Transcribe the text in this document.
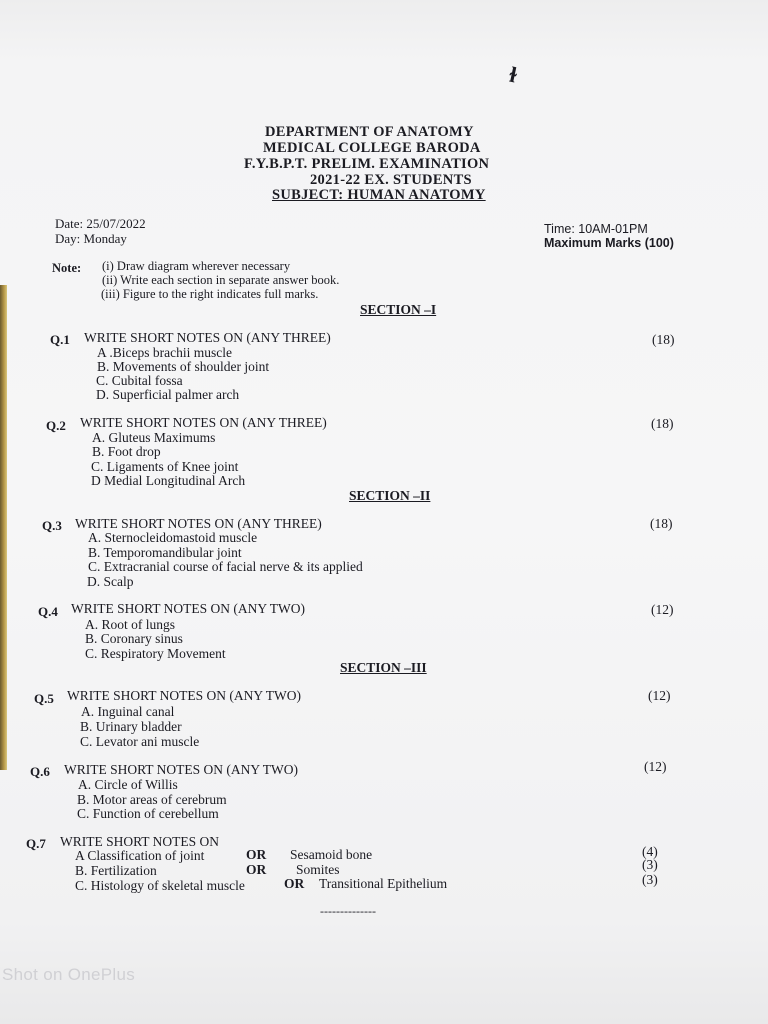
ɫ
DEPARTMENT OF ANATOMY
MEDICAL COLLEGE BARODA
F.Y.B.P.T. PRELIM. EXAMINATION
2021-22 EX. STUDENTS
SUBJECT: HUMAN ANATOMY
Date: 25/07/2022
Day: Monday
Time: 10AM-01PM
Maximum Marks (100)
Note: (i) Draw diagram wherever necessary
(ii) Write each section in separate answer book.
(iii) Figure to the right indicates full marks.
SECTION –I
Q.1 WRITE SHORT NOTES ON (ANY THREE)	(18)
A .Biceps brachii muscle
B. Movements of shoulder joint
C. Cubital fossa
D. Superficial palmer arch
Q.2 WRITE SHORT NOTES ON (ANY THREE)	(18)
A. Gluteus Maximums
B. Foot drop
C. Ligaments of Knee joint
D Medial Longitudinal Arch
SECTION –II
Q.3 WRITE SHORT NOTES ON (ANY THREE)	(18)
A. Sternocleidomastoid muscle
B. Temporomandibular joint
C. Extracranial course of facial nerve & its applied
D. Scalp
Q.4 WRITE SHORT NOTES ON (ANY TWO)	(12)
A. Root of lungs
B. Coronary sinus
C. Respiratory Movement
SECTION –III
Q.5 WRITE SHORT NOTES ON (ANY TWO)	(12)
A. Inguinal canal
B. Urinary bladder
C. Levator ani muscle
Q.6 WRITE SHORT NOTES ON (ANY TWO)	(12)
A. Circle of Willis
B. Motor areas of cerebrum
C. Function of cerebellum
Q.7 WRITE SHORT NOTES ON
A Classification of joint	OR Sesamoid bone	(4)
B. Fertilization	OR Somites	(3)
C. Histology of skeletal muscle	OR Transitional Epithelium	(3)
--------------
Shot on OnePlus
